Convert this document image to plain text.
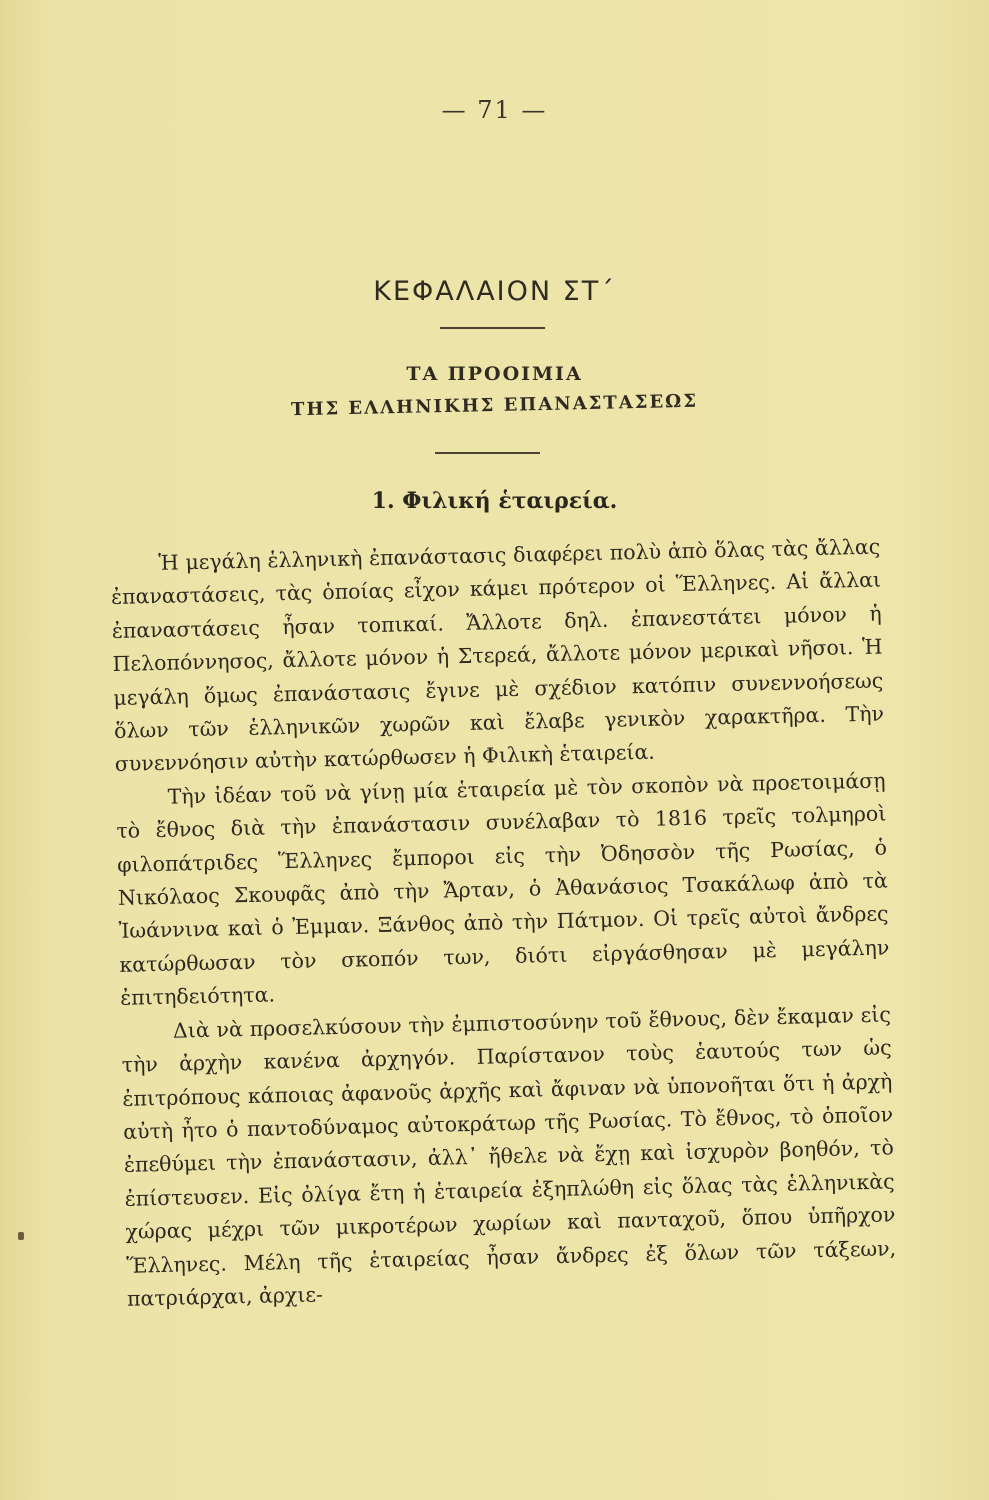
— 71 —
ΚΕΦΑΛΑΙΟΝ ΣΤ΄
ΤΑ ΠΡΟΟΙΜΙΑ
ΤΗΣ ΕΛΛΗΝΙΚΗΣ ΕΠΑΝΑΣΤΑΣΕΩΣ
1. Φιλική ἑταιρεία.

Ἡ μεγάλη ἑλληνικὴ ἐπανάστασις διαφέρει πολὺ ἀπὸ ὅλας τὰς ἄλλας ἐπαναστάσεις, τὰς ὁποίας εἶχον κάμει πρότερον οἱ Ἕλληνες. Αἱ ἄλλαι ἐπαναστάσεις ἦσαν τοπικαί. Ἄλλοτε δηλ. ἐπανεστάτει μόνον ἡ Πελοπόννησος, ἄλλοτε μόνον ἡ Στερεά, ἄλλοτε μόνον μερικαὶ νῆσοι. Ἡ μεγάλη ὅμως ἐπανάστασις ἔγινε μὲ σχέδιον κατόπιν συνεννοήσεως ὅλων τῶν ἑλληνικῶν χωρῶν καὶ ἔλαβε γενικὸν χαρακτῆρα. Τὴν συνεννόησιν αὐτὴν κατώρθωσεν ἡ Φιλικὴ ἑταιρεία.

Τὴν ἰδέαν τοῦ νὰ γίνῃ μία ἑταιρεία μὲ τὸν σκοπὸν νὰ προετοιμάσῃ τὸ ἔθνος διὰ τὴν ἐπανάστασιν συνέλαβαν τὸ 1816 τρεῖς τολμηροὶ φιλοπάτριδες Ἕλληνες ἔμποροι εἰς τὴν Ὀδησσὸν τῆς Ρωσίας, ὁ Νικόλαος Σκουφᾶς ἀπὸ τὴν Ἄρταν, ὁ Ἀθανάσιος Τσακάλωφ ἀπὸ τὰ Ἰωάννινα καὶ ὁ Ἐμμαν. Ξάνθος ἀπὸ τὴν Πάτμον. Οἱ τρεῖς αὐτοὶ ἄνδρες κατώρθωσαν τὸν σκοπόν των, διότι εἰργάσθησαν μὲ μεγάλην ἐπιτηδειότητα.

Διὰ νὰ προσελκύσουν τὴν ἐμπιστοσύνην τοῦ ἔθνους, δὲν ἔκαμαν εἰς τὴν ἀρχὴν κανένα ἀρχηγόν. Παρίστανον τοὺς ἑαυτούς των ὡς ἐπιτρόπους κάποιας ἀφανοῦς ἀρχῆς καὶ ἄφιναν νὰ ὑπονοῆται ὅτι ἡ ἀρχὴ αὐτὴ ἦτο ὁ παντοδύναμος αὐτοκράτωρ τῆς Ρωσίας. Τὸ ἔθνος, τὸ ὁποῖον ἐπεθύμει τὴν ἐπανάστασιν, ἀλλ᾿ ἤθελε νὰ ἔχῃ καὶ ἰσχυρὸν βοηθόν, τὸ ἐπίστευσεν. Εἰς ὀλίγα ἔτη ἡ ἑταιρεία ἐξηπλώθη εἰς ὅλας τὰς ἑλληνικὰς χώρας μέχρι τῶν μικροτέρων χωρίων καὶ πανταχοῦ, ὅπου ὑπῆρχον Ἕλληνες. Μέλη τῆς ἑταιρείας ἦσαν ἄνδρες ἐξ ὅλων τῶν τάξεων, πατριάρχαι, ἀρχιε-
